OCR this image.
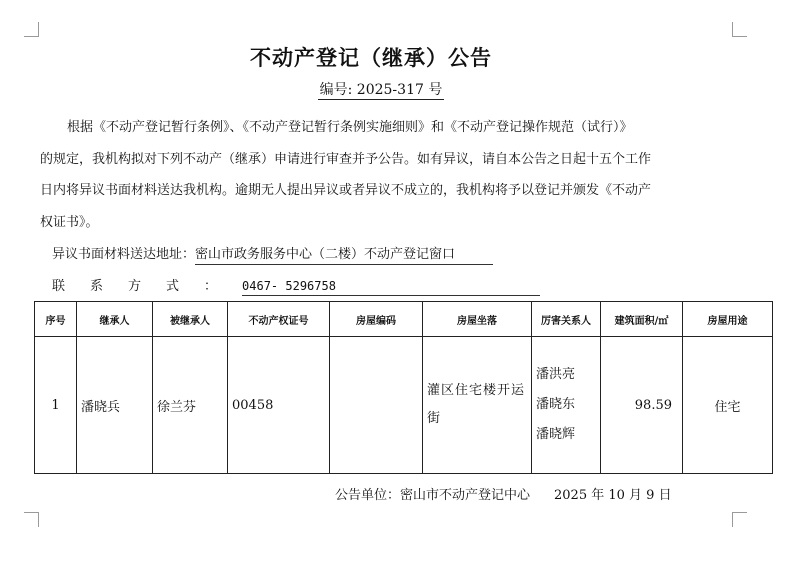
不动产登记（继承）公告
编号: 2025-317 号
根据《不动产登记暂行条例》、《不动产登记暂行条例实施细则》和《不动产登记操作规范（试行）》
的规定，我机构拟对下列不动产（继承）申请进行审查并予公告。如有异议，请自本公告之日起十五个工作
日内将异议书面材料送达我机构。逾期无人提出异议或者异议不成立的，我机构将予以登记并颁发《不动产
权证书》。
异议书面材料送达地址：密山市政务服务中心（二楼）不动产登记窗口
联系方式：0467- 5296758
序号	继承人	被继承人	不动产权证号	房屋编码	房屋坐落	厉害关系人	建筑面积/㎡	房屋用途
1	潘晓兵	徐兰芬	00458		灌区住宅楼开运街	潘洪亮
潘晓东
潘晓辉	98.59	住宅
公告单位：密山市不动产登记中心 2025 年 10 月 9 日
